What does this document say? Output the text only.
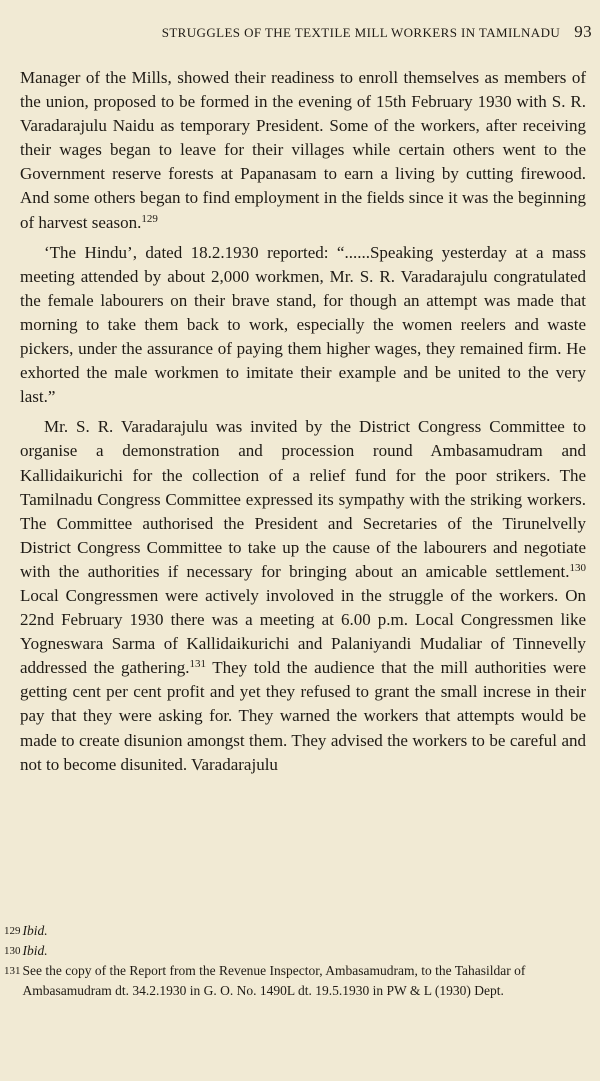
STRUGGLES OF THE TEXTILE MILL WORKERS IN TAMILNADU 93

Manager of the Mills, showed their readiness to enroll themselves as members of the union, proposed to be formed in the evening of 15th February 1930 with S. R. Varadarajulu Naidu as temporary President. Some of the workers, after receiving their wages began to leave for their villages while certain others went to the Government reserve forests at Papanasam to earn a living by cutting firewood. And some others began to find employment in the fields since it was the beginning of harvest season.$^{129}$

‘The Hindu’, dated 18.2.1930 reported: “......Speaking yesterday at a mass meeting attended by about 2,000 workmen, Mr. S. R. Varadarajulu congratulated the female labourers on their brave stand, for though an attempt was made that morning to take them back to work, especially the women reelers and waste pickers, under the assurance of paying them higher wages, they remained firm. He exhorted the male workmen to imitate their example and be united to the very last.”

Mr. S. R. Varadarajulu was invited by the District Congress Committee to organise a demonstration and procession round Ambasamudram and Kallidaikurichi for the collection of a relief fund for the poor strikers. The Tamilnadu Congress Committee expressed its sympathy with the striking workers. The Committee authorised the President and Secretaries of the Tirunelvelly District Congress Committee to take up the cause of the labourers and negotiate with the authorities if necessary for bringing about an amicable settlement.$^{130}$ Local Congressmen were actively involoved in the struggle of the workers. On 22nd February 1930 there was a meeting at 6.00 p.m. Local Congressmen like Yogneswara Sarma of Kallidaikurichi and Palaniyandi Mudaliar of Tinnevelly addressed the gathering.$^{131}$ They told the audience that the mill authorities were getting cent per cent profit and yet they refused to grant the small increse in their pay that they were asking for. They warned the workers that attempts would be made to create disunion amongst them. They advised the workers to be careful and not to become disunited. Varadarajulu

129 Ibid.
130 Ibid.
131 See the copy of the Report from the Revenue Inspector, Ambasamudram, to the Tahasildar of Ambasamudram dt. 34.2.1930 in G. O. No. 1490L dt. 19.5.1930 in PW & L (1930) Dept.
